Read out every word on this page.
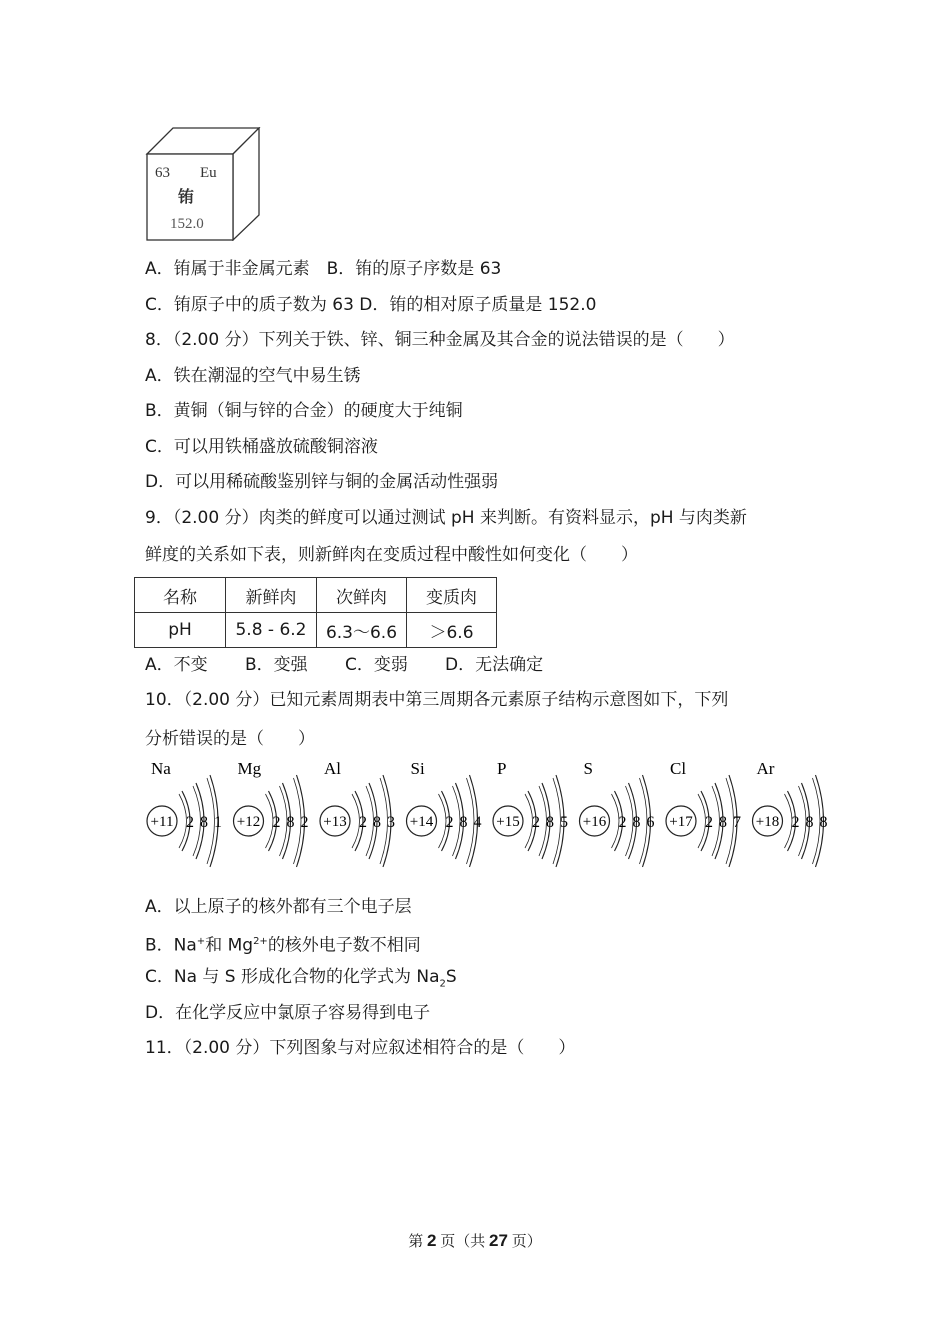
63 Eu
铕
152.0
A．铕属于非金属元素　B．铕的原子序数是 63
C．铕原子中的质子数为 63 D．铕的相对原子质量是 152.0
8．（2.00 分）下列关于铁、锌、铜三种金属及其合金的说法错误的是（　　）
A．铁在潮湿的空气中易生锈
B．黄铜（铜与锌的合金）的硬度大于纯铜
C．可以用铁桶盛放硫酸铜溶液
D．可以用稀硫酸鉴别锌与铜的金属活动性强弱
9．（2.00 分）肉类的鲜度可以通过测试 pH 来判断。有资料显示，pH 与肉类新
鲜度的关系如下表，则新鲜肉在变质过程中酸性如何变化（　　）
名称	新鲜肉	次鲜肉	变质肉
pH	5.8 - 6.2	6.3～6.6	＞6.6
A．不变 B．变强 C．变弱 D．无法确定
10．（2.00 分）已知元素周期表中第三周期各元素原子结构示意图如下，下列
分析错误的是（　　）
Na
+11 2 8 1
Mg
+12 2 8 2
Al
+13 2 8 3
Si
+14 2 8 4
P
+15 2 8 5
S
+16 2 8 6
Cl
+17 2 8 7
Ar
+18 2 8 8
A．以上原子的核外都有三个电子层
B．Na+和 $Mg^{2+}$的核外电子数不相同
C．Na 与 S 形成化合物的化学式为 $Na_2S$
D．在化学反应中氯原子容易得到电子
11．（2.00 分）下列图象与对应叙述相符合的是（　　）
第 2 页（共 27 页）
